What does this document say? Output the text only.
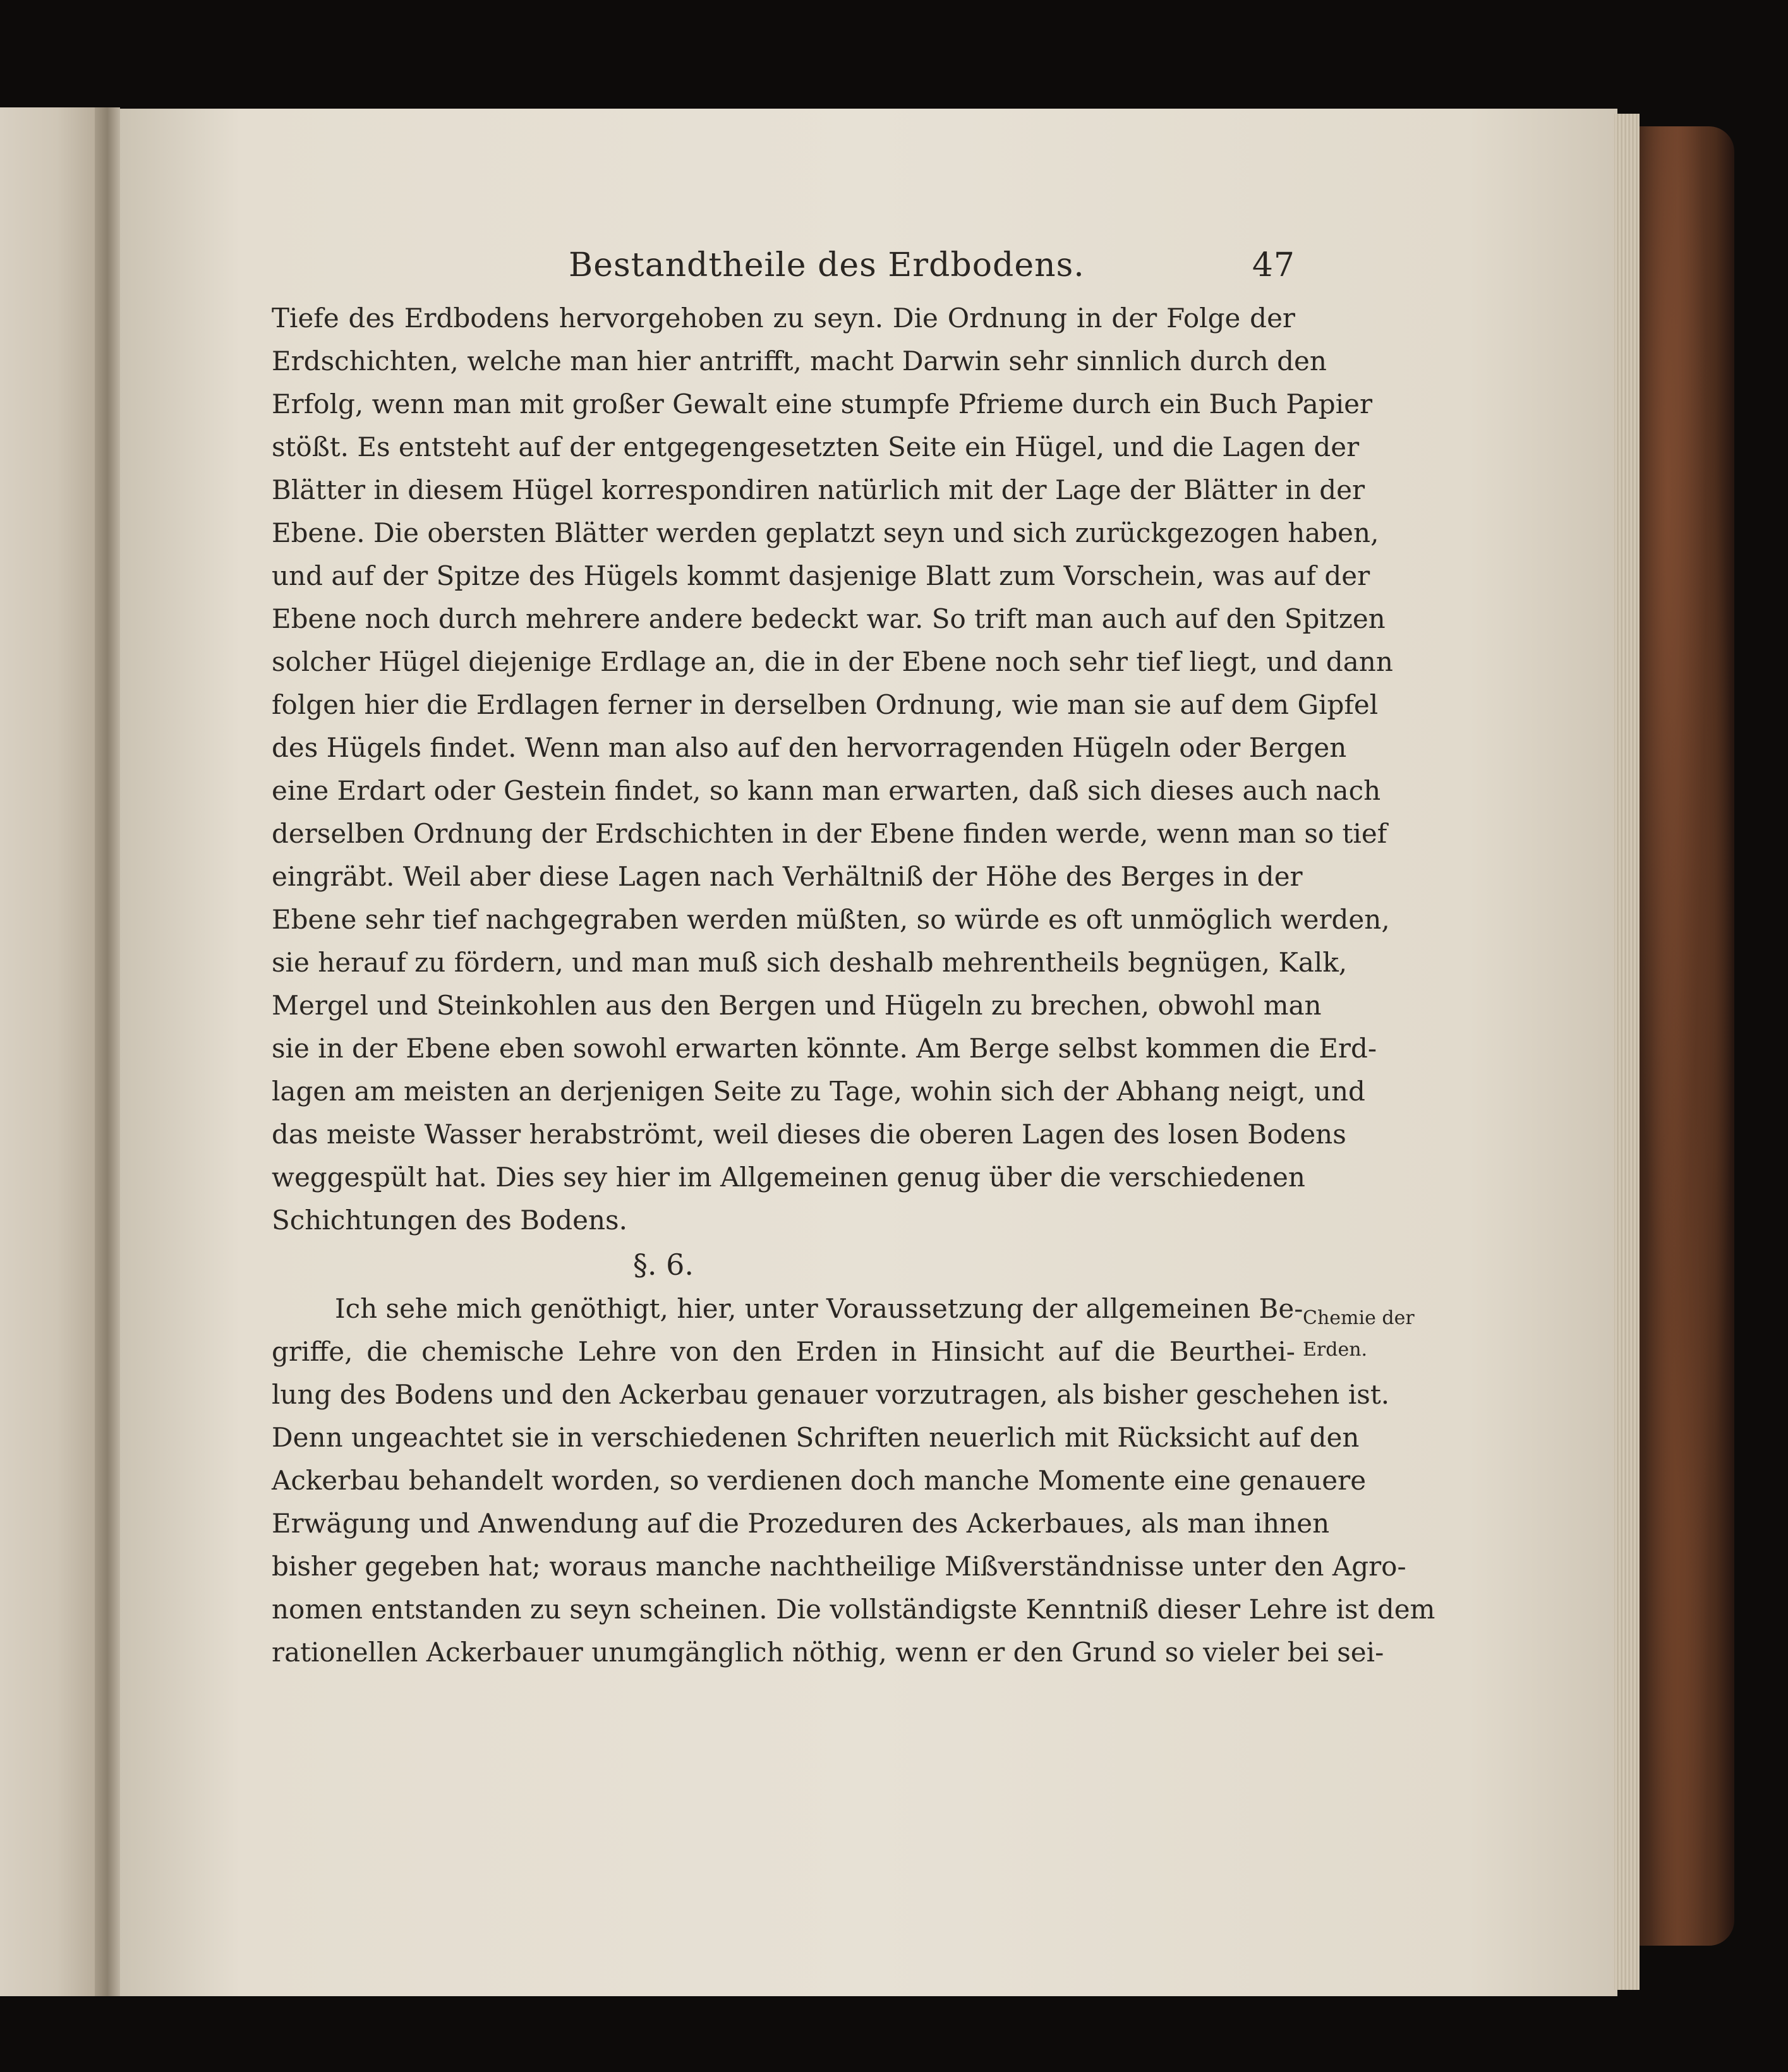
Bestandtheile des Erdbodens.	47
Tiefe des Erdbodens hervorgehoben zu seyn. Die Ordnung in der Folge der
Erdschichten, welche man hier antrifft, macht Darwin sehr sinnlich durch den
Erfolg, wenn man mit großer Gewalt eine stumpfe Pfrieme durch ein Buch Papier
stößt. Es entsteht auf der entgegengesetzten Seite ein Hügel, und die Lagen der
Blätter in diesem Hügel korrespondiren natürlich mit der Lage der Blätter in der
Ebene. Die obersten Blätter werden geplatzt seyn und sich zurückgezogen haben,
und auf der Spitze des Hügels kommt dasjenige Blatt zum Vorschein, was auf der
Ebene noch durch mehrere andere bedeckt war. So trift man auch auf den Spitzen
solcher Hügel diejenige Erdlage an, die in der Ebene noch sehr tief liegt, und dann
folgen hier die Erdlagen ferner in derselben Ordnung, wie man sie auf dem Gipfel
des Hügels findet. Wenn man also auf den hervorragenden Hügeln oder Bergen
eine Erdart oder Gestein findet, so kann man erwarten, daß sich dieses auch nach
derselben Ordnung der Erdschichten in der Ebene finden werde, wenn man so tief
eingräbt. Weil aber diese Lagen nach Verhältniß der Höhe des Berges in der
Ebene sehr tief nachgegraben werden müßten, so würde es oft unmöglich werden,
sie herauf zu fördern, und man muß sich deshalb mehrentheils begnügen, Kalk,
Mergel und Steinkohlen aus den Bergen und Hügeln zu brechen, obwohl man
sie in der Ebene eben sowohl erwarten könnte. Am Berge selbst kommen die Erd-
lagen am meisten an derjenigen Seite zu Tage, wohin sich der Abhang neigt, und
das meiste Wasser herabströmt, weil dieses die oberen Lagen des losen Bodens
weggespült hat. Dies sey hier im Allgemeinen genug über die verschiedenen
Schichtungen des Bodens.
§. 6.
Ich sehe mich genöthigt, hier, unter Voraussetzung der allgemeinen Be-
griffe, die chemische Lehre von den Erden in Hinsicht auf die Beurthei-
lung des Bodens und den Ackerbau genauer vorzutragen, als bisher geschehen ist.
Denn ungeachtet sie in verschiedenen Schriften neuerlich mit Rücksicht auf den
Ackerbau behandelt worden, so verdienen doch manche Momente eine genauere
Erwägung und Anwendung auf die Prozeduren des Ackerbaues, als man ihnen
bisher gegeben hat; woraus manche nachtheilige Mißverständnisse unter den Agro-
nomen entstanden zu seyn scheinen. Die vollständigste Kenntniß dieser Lehre ist dem
rationellen Ackerbauer unumgänglich nöthig, wenn er den Grund so vieler bei sei-
Chemie der
Erden.
